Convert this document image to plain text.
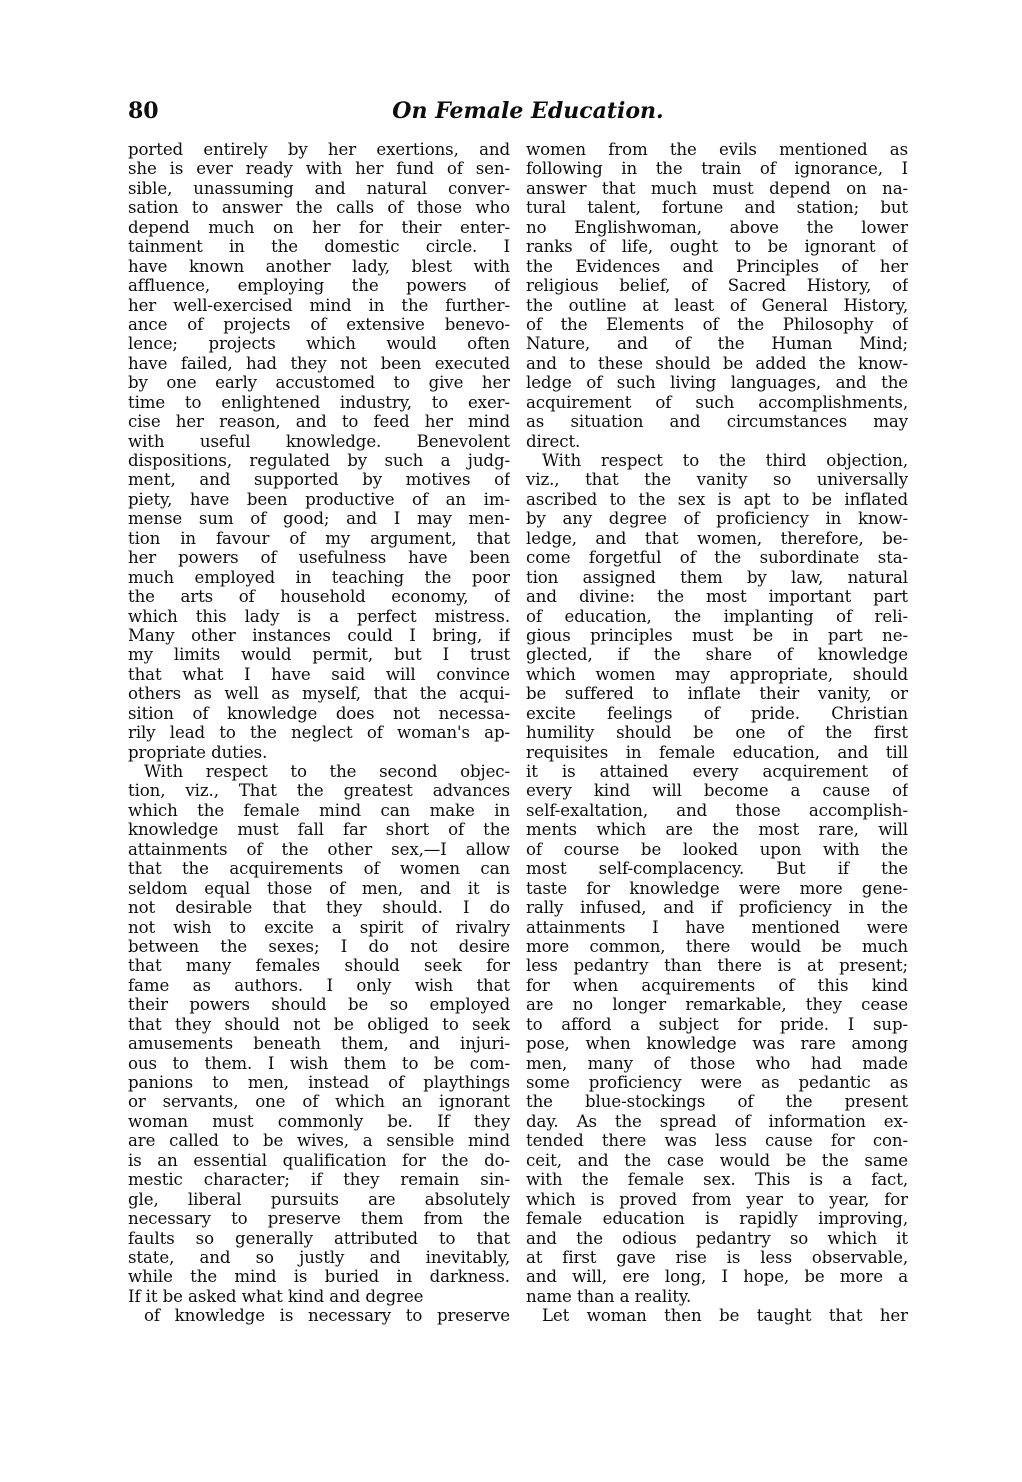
80	On Female Education.
ported entirely by her exertions, and
she is ever ready with her fund of sen-
sible, unassuming and natural conver-
sation to answer the calls of those who
depend much on her for their enter-
tainment in the domestic circle. I
have known another lady, blest with
affluence, employing the powers of
her well-exercised mind in the further-
ance of projects of extensive benevo-
lence; projects which would often
have failed, had they not been executed
by one early accustomed to give her
time to enlightened industry, to exer-
cise her reason, and to feed her mind
with useful knowledge. Benevolent
dispositions, regulated by such a judg-
ment, and supported by motives of
piety, have been productive of an im-
mense sum of good; and I may men-
tion in favour of my argument, that
her powers of usefulness have been
much employed in teaching the poor
the arts of household economy, of
which this lady is a perfect mistress.
Many other instances could I bring, if
my limits would permit, but I trust
that what I have said will convince
others as well as myself, that the acqui-
sition of knowledge does not necessa-
rily lead to the neglect of woman's ap-
propriate duties.
With respect to the second objec-
tion, viz., That the greatest advances
which the female mind can make in
knowledge must fall far short of the
attainments of the other sex,—I allow
that the acquirements of women can
seldom equal those of men, and it is
not desirable that they should. I do
not wish to excite a spirit of rivalry
between the sexes; I do not desire
that many females should seek for
fame as authors. I only wish that
their powers should be so employed
that they should not be obliged to seek
amusements beneath them, and injuri-
ous to them. I wish them to be com-
panions to men, instead of playthings
or servants, one of which an ignorant
woman must commonly be. If they
are called to be wives, a sensible mind
is an essential qualification for the do-
mestic character; if they remain sin-
gle, liberal pursuits are absolutely
necessary to preserve them from the
faults so generally attributed to that
state, and so justly and inevitably,
while the mind is buried in darkness.
If it be asked what kind and degree
of knowledge is necessary to preserve
women from the evils mentioned as
following in the train of ignorance, I
answer that much must depend on na-
tural talent, fortune and station; but
no Englishwoman, above the lower
ranks of life, ought to be ignorant of
the Evidences and Principles of her
religious belief, of Sacred History, of
the outline at least of General History,
of the Elements of the Philosophy of
Nature, and of the Human Mind;
and to these should be added the know-
ledge of such living languages, and the
acquirement of such accomplishments,
as situation and circumstances may
direct.
With respect to the third objection,
viz., that the vanity so universally
ascribed to the sex is apt to be inflated
by any degree of proficiency in know-
ledge, and that women, therefore, be-
come forgetful of the subordinate sta-
tion assigned them by law, natural
and divine: the most important part
of education, the implanting of reli-
gious principles must be in part ne-
glected, if the share of knowledge
which women may appropriate, should
be suffered to inflate their vanity, or
excite feelings of pride. Christian
humility should be one of the first
requisites in female education, and till
it is attained every acquirement of
every kind will become a cause of
self-exaltation, and those accomplish-
ments which are the most rare, will
of course be looked upon with the
most self-complacency. But if the
taste for knowledge were more gene-
rally infused, and if proficiency in the
attainments I have mentioned were
more common, there would be much
less pedantry than there is at present;
for when acquirements of this kind
are no longer remarkable, they cease
to afford a subject for pride. I sup-
pose, when knowledge was rare among
men, many of those who had made
some proficiency were as pedantic as
the blue-stockings of the present
day. As the spread of information ex-
tended there was less cause for con-
ceit, and the case would be the same
with the female sex. This is a fact,
which is proved from year to year, for
female education is rapidly improving,
and the odious pedantry so which it
at first gave rise is less observable,
and will, ere long, I hope, be more a
name than a reality.
Let woman then be taught that her
